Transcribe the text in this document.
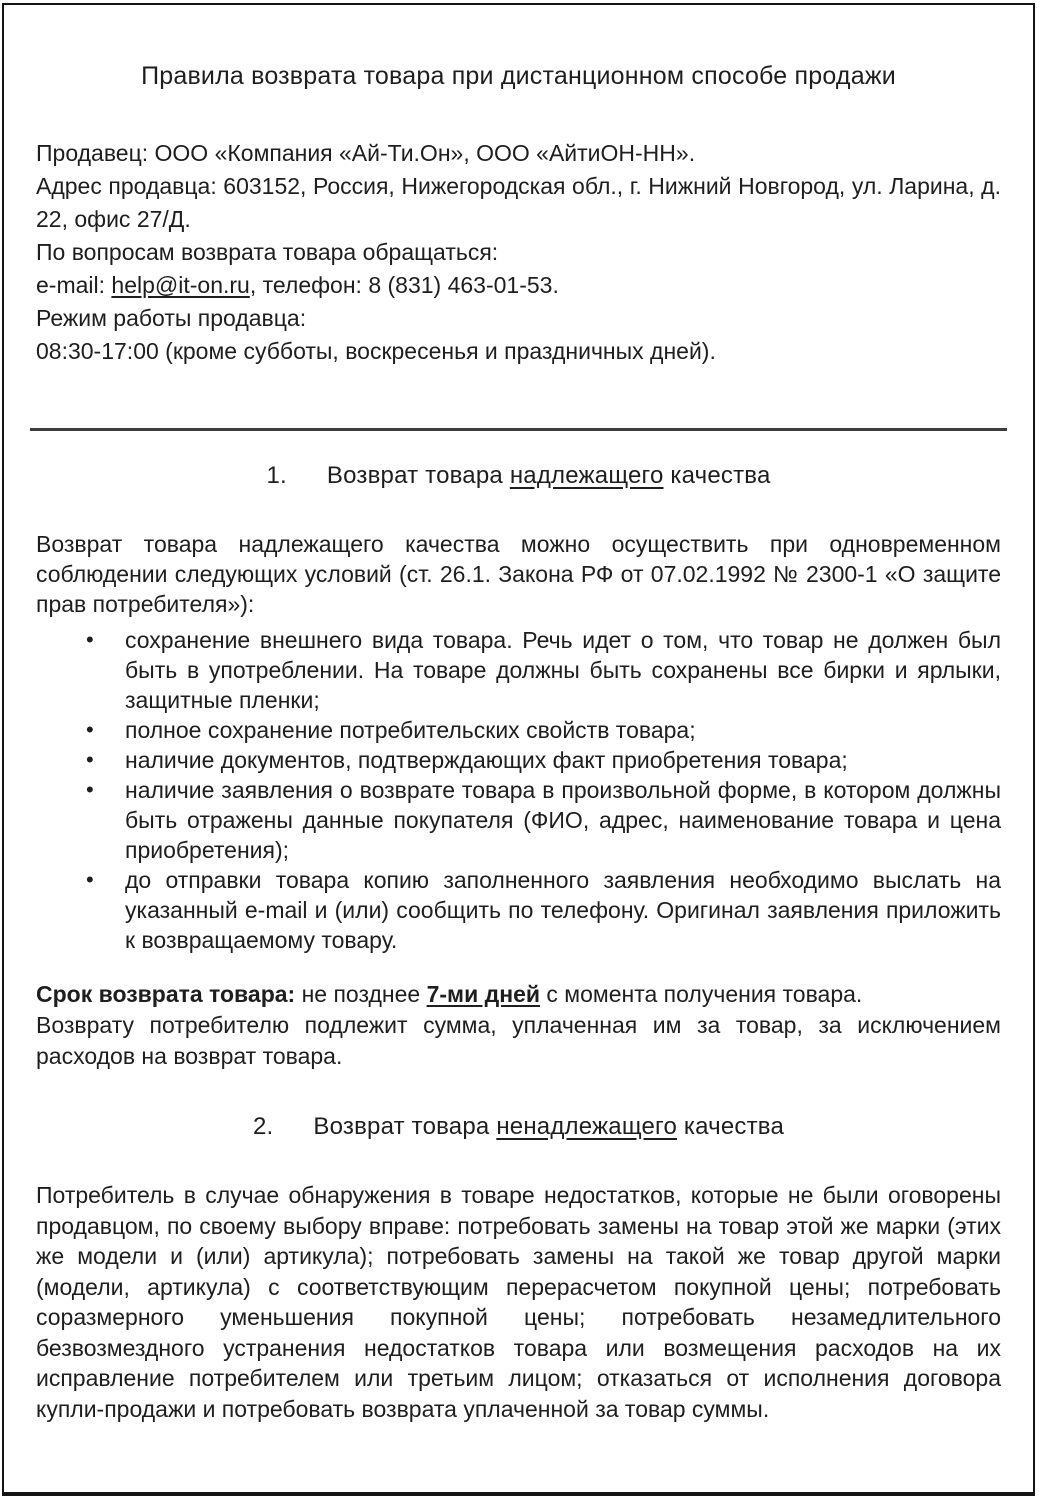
Правила возврата товара при дистанционном способе продажи

Продавец: ООО «Компания «Ай-Ти.Он», ООО «АйтиОН-НН».

Адрес продавца: 603152, Россия, Нижегородская обл., г. Нижний Новгород, ул. Ларина, д. 22, офис 27/Д.

По вопросам возврата товара обращаться:

e-mail: help@it-on.ru, телефон: 8 (831) 463-01-53.

Режим работы продавца:

08:30-17:00 (кроме субботы, воскресенья и праздничных дней).

1. Возврат товара надлежащего качества

Возврат товара надлежащего качества можно осуществить при одновременном соблюдении следующих условий (ст. 26.1. Закона РФ от 07.02.1992 № 2300-1 «О защите прав потребителя»):

• сохранение внешнего вида товара. Речь идет о том, что товар не должен был быть в употреблении. На товаре должны быть сохранены все бирки и ярлыки, защитные пленки;
• полное сохранение потребительских свойств товара;
• наличие документов, подтверждающих факт приобретения товара;
• наличие заявления о возврате товара в произвольной форме, в котором должны быть отражены данные покупателя (ФИО, адрес, наименование товара и цена приобретения);
• до отправки товара копию заполненного заявления необходимо выслать на указанный e-mail и (или) сообщить по телефону. Оригинал заявления приложить к возвращаемому товару.

Срок возврата товара: не позднее 7-ми дней с момента получения товара.
Возврату потребителю подлежит сумма, уплаченная им за товар, за исключением расходов на возврат товара.

2. Возврат товара ненадлежащего качества

Потребитель в случае обнаружения в товаре недостатков, которые не были оговорены продавцом, по своему выбору вправе: потребовать замены на товар этой же марки (этих же модели и (или) артикула); потребовать замены на такой же товар другой марки (модели, артикула) с соответствующим перерасчетом покупной цены; потребовать соразмерного уменьшения покупной цены; потребовать незамедлительного безвозмездного устранения недостатков товара или возмещения расходов на их исправление потребителем или третьим лицом; отказаться от исполнения договора купли-продажи и потребовать возврата уплаченной за товар суммы.
